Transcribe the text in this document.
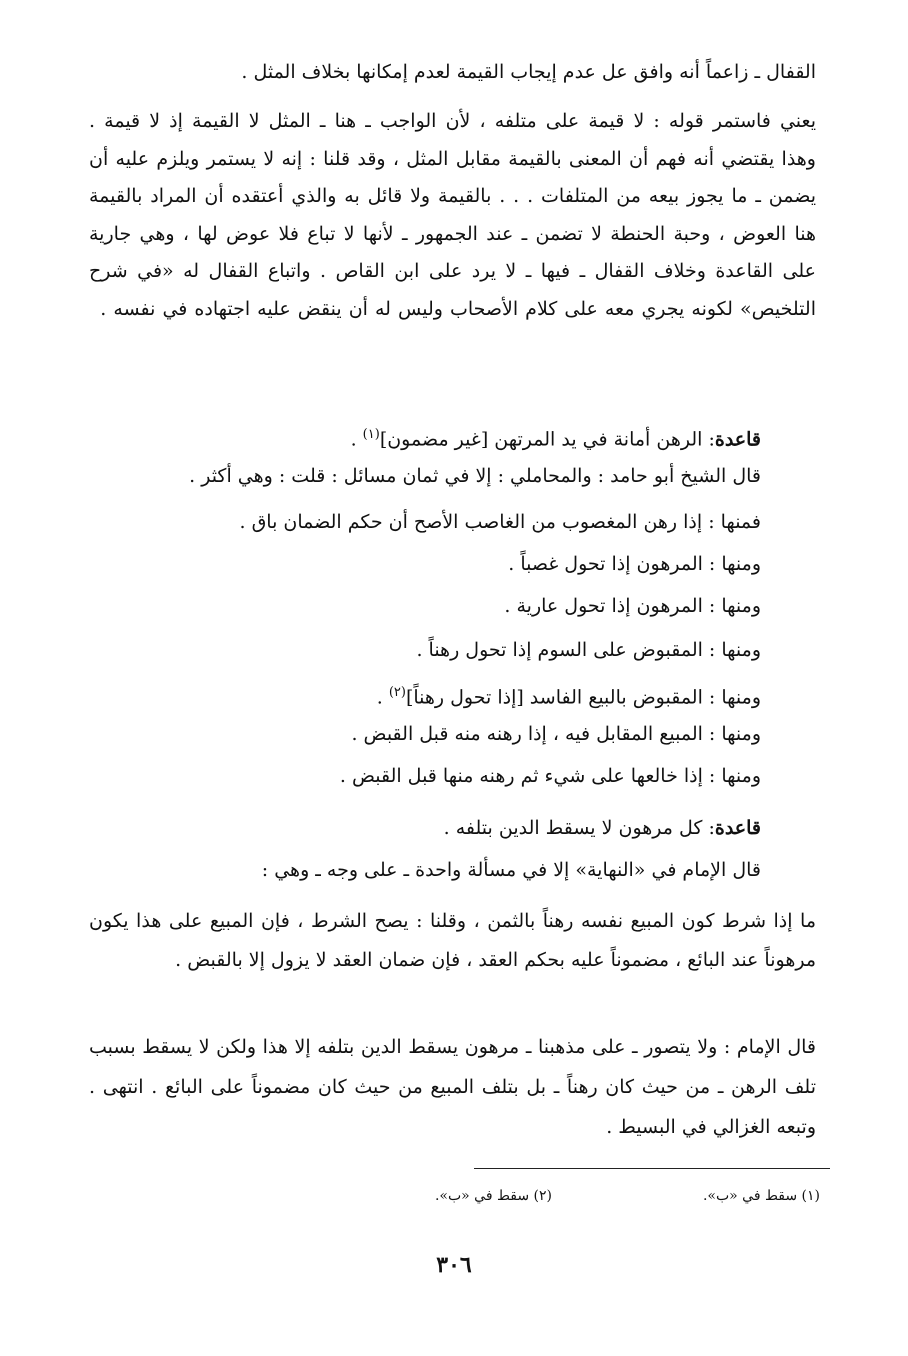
القفال ـ زاعماً أنه وافق عل عدم إيجاب القيمة لعدم إمكانها بخلاف المثل .

يعني فاستمر قوله : لا قيمة على متلفه ، لأن الواجب ـ هنا ـ المثل لا القيمة إذ لا قيمة . وهذا يقتضي أنه فهم أن المعنى بالقيمة مقابل المثل ، وقد قلنا : إنه لا يستمر ويلزم عليه أن يضمن ـ ما يجوز بيعه من المتلفات . . . بالقيمة ولا قائل به والذي أعتقده أن المراد بالقيمة هنا العوض ، وحبة الحنطة لا تضمن ـ عند الجمهور ـ لأنها لا تباع فلا عوض لها ، وهي جارية على القاعدة وخلاف القفال ـ فيها ـ لا يرد على ابن القاص . واتباع القفال له «في شرح التلخيص» لكونه يجري معه على كلام الأصحاب وليس له أن ينقض عليه اجتهاده في نفسه .

قاعدة: الرهن أمانة في يد المرتهن [غير مضمون]$^{(١)}$ .

قال الشيخ أبو حامد : والمحاملي : إلا في ثمان مسائل : قلت : وهي أكثر .

فمنها : إذا رهن المغصوب من الغاصب الأصح أن حكم الضمان باق .

ومنها : المرهون إذا تحول غصباً .

ومنها : المرهون إذا تحول عارية .

ومنها : المقبوض على السوم إذا تحول رهناً .

ومنها : المقبوض بالبيع الفاسد [إذا تحول رهناً]$^{(٢)}$ .

ومنها : المبيع المقابل فيه ، إذا رهنه منه قبل القبض .

ومنها : إذا خالعها على شيء ثم رهنه منها قبل القبض .

قاعدة: كل مرهون لا يسقط الدين بتلفه .

قال الإمام في «النهاية» إلا في مسألة واحدة ـ على وجه ـ وهي :

ما إذا شرط كون المبيع نفسه رهناً بالثمن ، وقلنا : يصح الشرط ، فإن المبيع على هذا يكون مرهوناً عند البائع ، مضموناً عليه بحكم العقد ، فإن ضمان العقد لا يزول إلا بالقبض .

قال الإمام : ولا يتصور ـ على مذهبنا ـ مرهون يسقط الدين بتلفه إلا هذا ولكن لا يسقط بسبب تلف الرهن ـ من حيث كان رهناً ـ بل بتلف المبيع من حيث كان مضموناً على البائع . انتهى . وتبعه الغزالي في البسيط .

(١) سقط في «ب».
(٢) سقط في «ب».
٣٠٦
